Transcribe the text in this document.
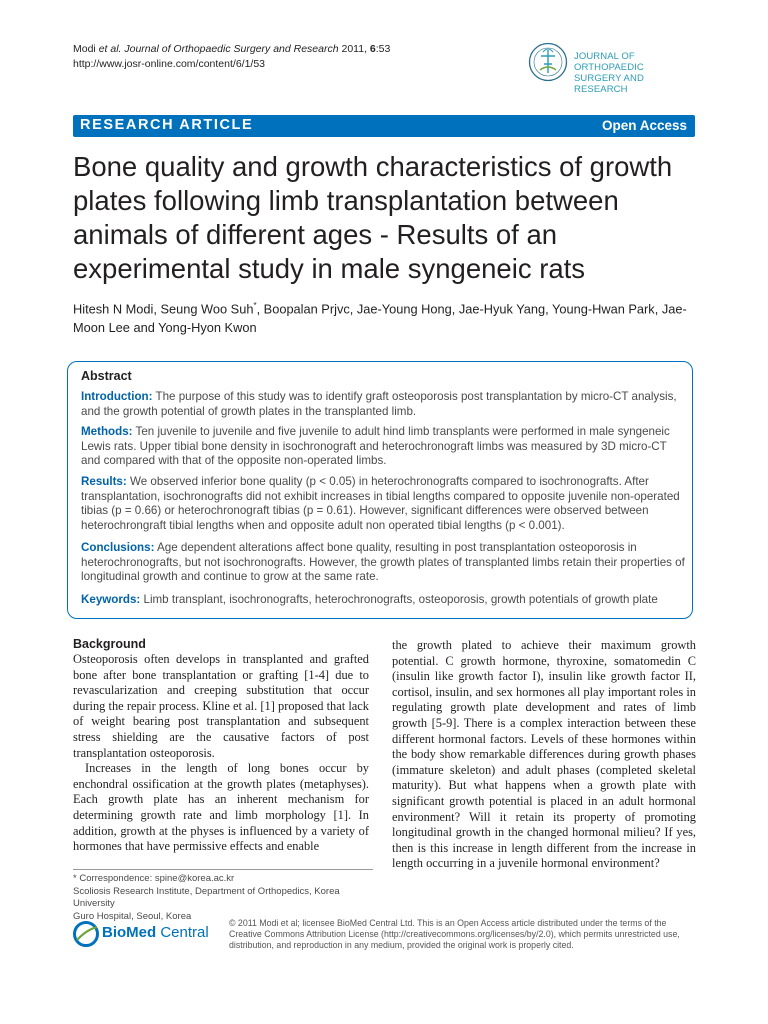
Modi et al. Journal of Orthopaedic Surgery and Research 2011, 6:53
http://www.josr-online.com/content/6/1/53
JOURNAL OF ORTHOPAEDIC
SURGERY AND RESEARCH
RESEARCH ARTICLE	Open Access
Bone quality and growth characteristics of growth plates following limb transplantation between animals of different ages - Results of an experimental study in male syngeneic rats
Hitesh N Modi, Seung Woo Suh*, Boopalan Prjvc, Jae-Young Hong, Jae-Hyuk Yang, Young-Hwan Park, Jae-Moon Lee and Yong-Hyon Kwon
Abstract

Introduction: The purpose of this study was to identify graft osteoporosis post transplantation by micro-CT analysis, and the growth potential of growth plates in the transplanted limb.

Methods: Ten juvenile to juvenile and five juvenile to adult hind limb transplants were performed in male syngeneic Lewis rats. Upper tibial bone density in isochronograft and heterochronograft limbs was measured by 3D micro-CT and compared with that of the opposite non-operated limbs.

Results: We observed inferior bone quality (p < 0.05) in heterochronografts compared to isochronografts. After transplantation, isochronografts did not exhibit increases in tibial lengths compared to opposite juvenile non-operated tibias (p = 0.66) or heterochronograft tibias (p = 0.61). However, significant differences were observed between heterochrongraft tibial lengths when and opposite adult non operated tibial lengths (p < 0.001).

Conclusions: Age dependent alterations affect bone quality, resulting in post transplantation osteoporosis in heterochronografts, but not isochronografts. However, the growth plates of transplanted limbs retain their properties of longitudinal growth and continue to grow at the same rate.

Keywords: Limb transplant, isochronografts, heterochronografts, osteoporosis, growth potentials of growth plate

Background

Osteoporosis often develops in transplanted and grafted bone after bone transplantation or grafting [1-4] due to revascularization and creeping substitution that occur during the repair process. Kline et al. [1] proposed that lack of weight bearing post transplantation and subsequent stress shielding are the causative factors of post transplantation osteoporosis.

Increases in the length of long bones occur by enchondral ossification at the growth plates (metaphyses). Each growth plate has an inherent mechanism for determining growth rate and limb morphology [1]. In addition, growth at the physes is influenced by a variety of hormones that have permissive effects and enable

the growth plated to achieve their maximum growth potential. C growth hormone, thyroxine, somatomedin C (insulin like growth factor I), insulin like growth factor II, cortisol, insulin, and sex hormones all play important roles in regulating growth plate development and rates of limb growth [5-9]. There is a complex interaction between these different hormonal factors. Levels of these hormones within the body show remarkable differences during growth phases (immature skeleton) and adult phases (completed skeletal maturity). But what happens when a growth plate with significant growth potential is placed in an adult hormonal environment? Will it retain its property of promoting longitudinal growth in the changed hormonal milieu? If yes, then is this increase in length different from the increase in length occurring in a juvenile hormonal environment?

* Correspondence: spine@korea.ac.kr
Scoliosis Research Institute, Department of Orthopedics, Korea University
Guro Hospital, Seoul, Korea
BioMed Central
© 2011 Modi et al; licensee BioMed Central Ltd. This is an Open Access article distributed under the terms of the Creative Commons Attribution License (http://creativecommons.org/licenses/by/2.0), which permits unrestricted use, distribution, and reproduction in any medium, provided the original work is properly cited.
